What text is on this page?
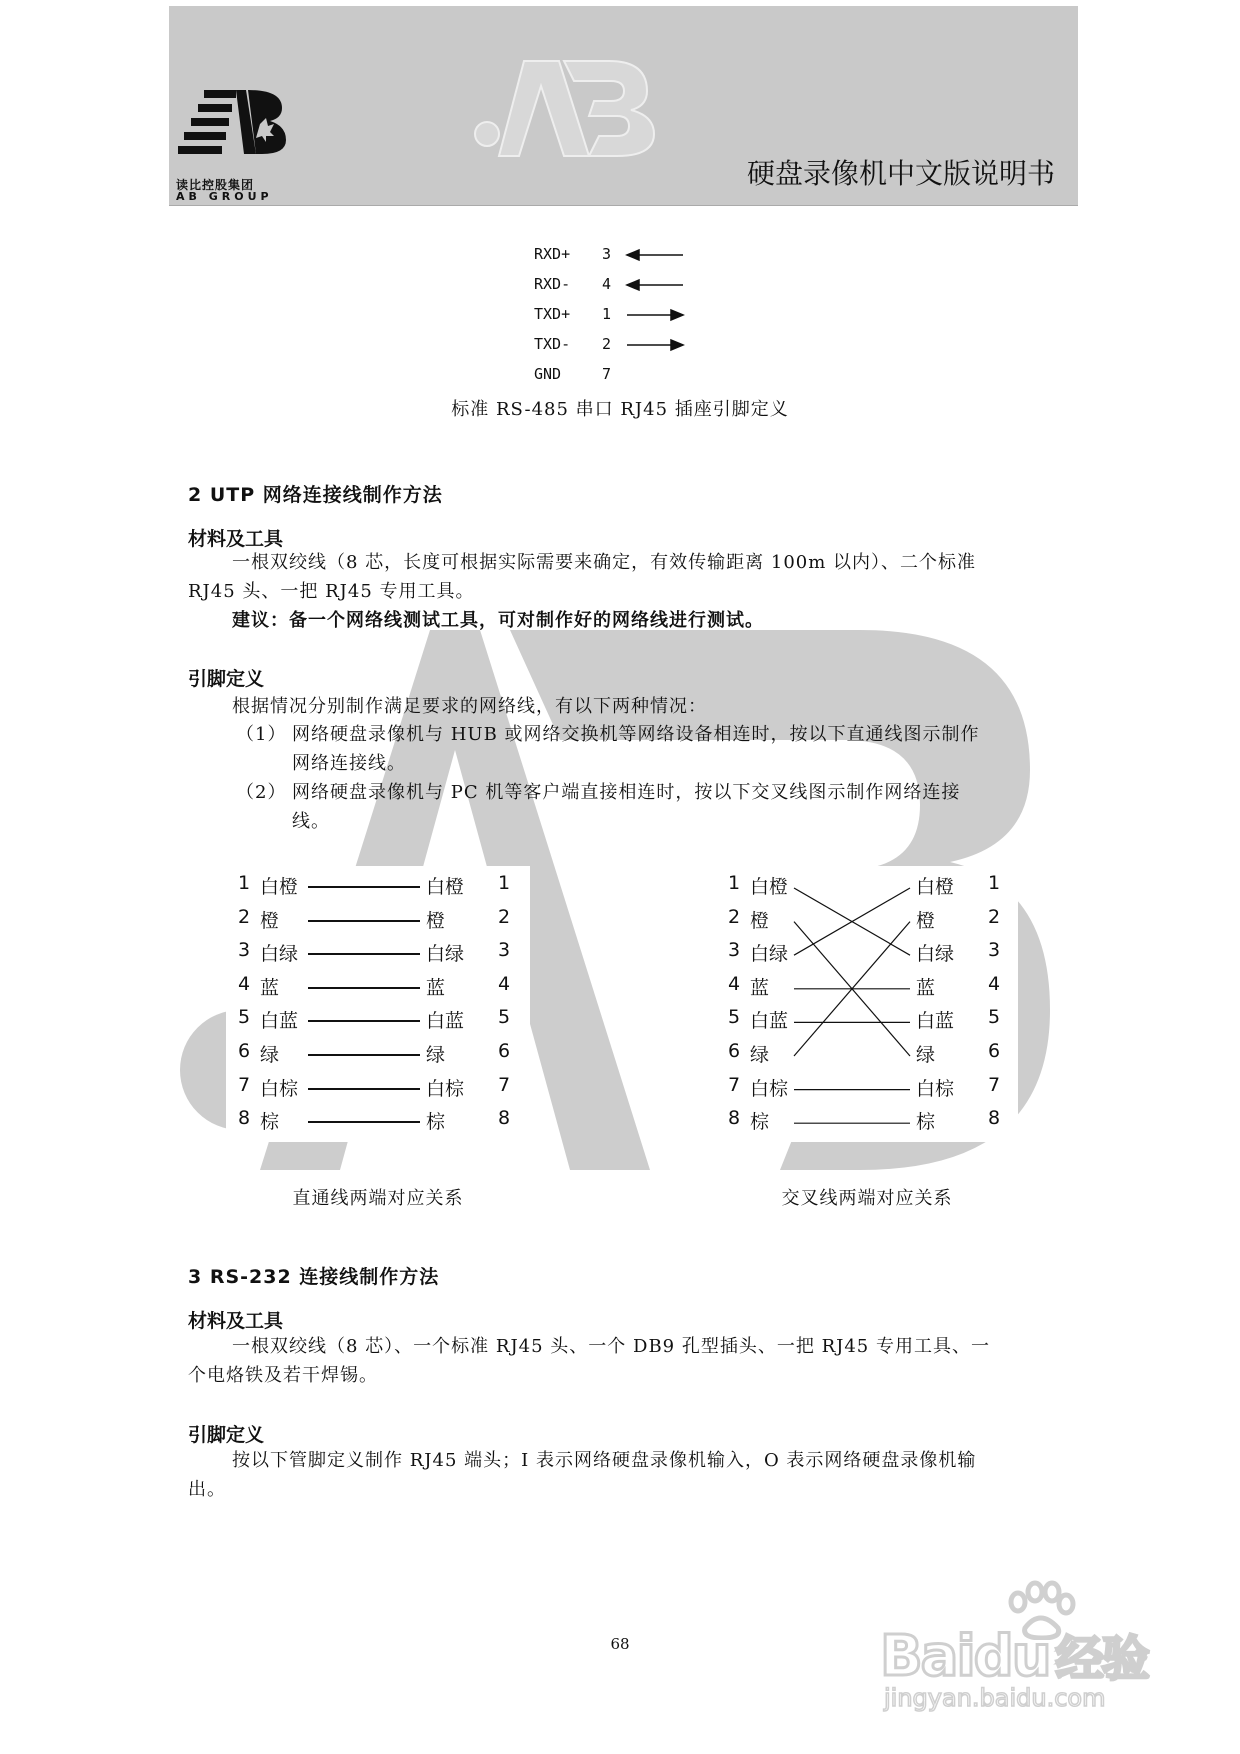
读比控股集团
AB GROUP
硬盘录像机中文版说明书
RXD+ 3
RXD- 4
TXD+ 1
TXD- 2
GND	7
标准 RS-485 串口 RJ45 插座引脚定义
2 UTP 网络连接线制作方法
材料及工具
一根双绞线（8 芯，长度可根据实际需要来确定，有效传输距离 100m 以内）、二个标准
RJ45 头、一把 RJ45 专用工具。
建议：备一个网络线测试工具，可对制作好的网络线进行测试。
引脚定义
根据情况分别制作满足要求的网络线，有以下两种情况：
（1） 网络硬盘录像机与 HUB 或网络交换机等网络设备相连时，按以下直通线图示制作
网络连接线。
（2） 网络硬盘录像机与 PC 机等客户端直接相连时，按以下交叉线图示制作网络连接
线。
1 白橙	白橙 1
2 橙	橙	2
3 白绿	白绿 3
4 蓝	蓝	4
5 白蓝	白蓝 5
6 绿	绿	6
7 白棕	白棕 7
8 棕	棕	8
直通线两端对应关系
1 白橙	白橙 1
2 橙	橙	2
3 白绿	白绿 3
4 蓝	蓝	4
5 白蓝	白蓝 5
6 绿	绿	6
7 白棕	白棕 7
8 棕	棕	8
交叉线两端对应关系
3 RS-232 连接线制作方法
材料及工具
一根双绞线（8 芯）、一个标准 RJ45 头、一个 DB9 孔型插头、一把 RJ45 专用工具、一
个电烙铁及若干焊锡。
引脚定义
按以下管脚定义制作 RJ45 端头；I 表示网络硬盘录像机输入，O 表示网络硬盘录像机输
出。
68	Baidu 经验
jingyan.baidu.com
